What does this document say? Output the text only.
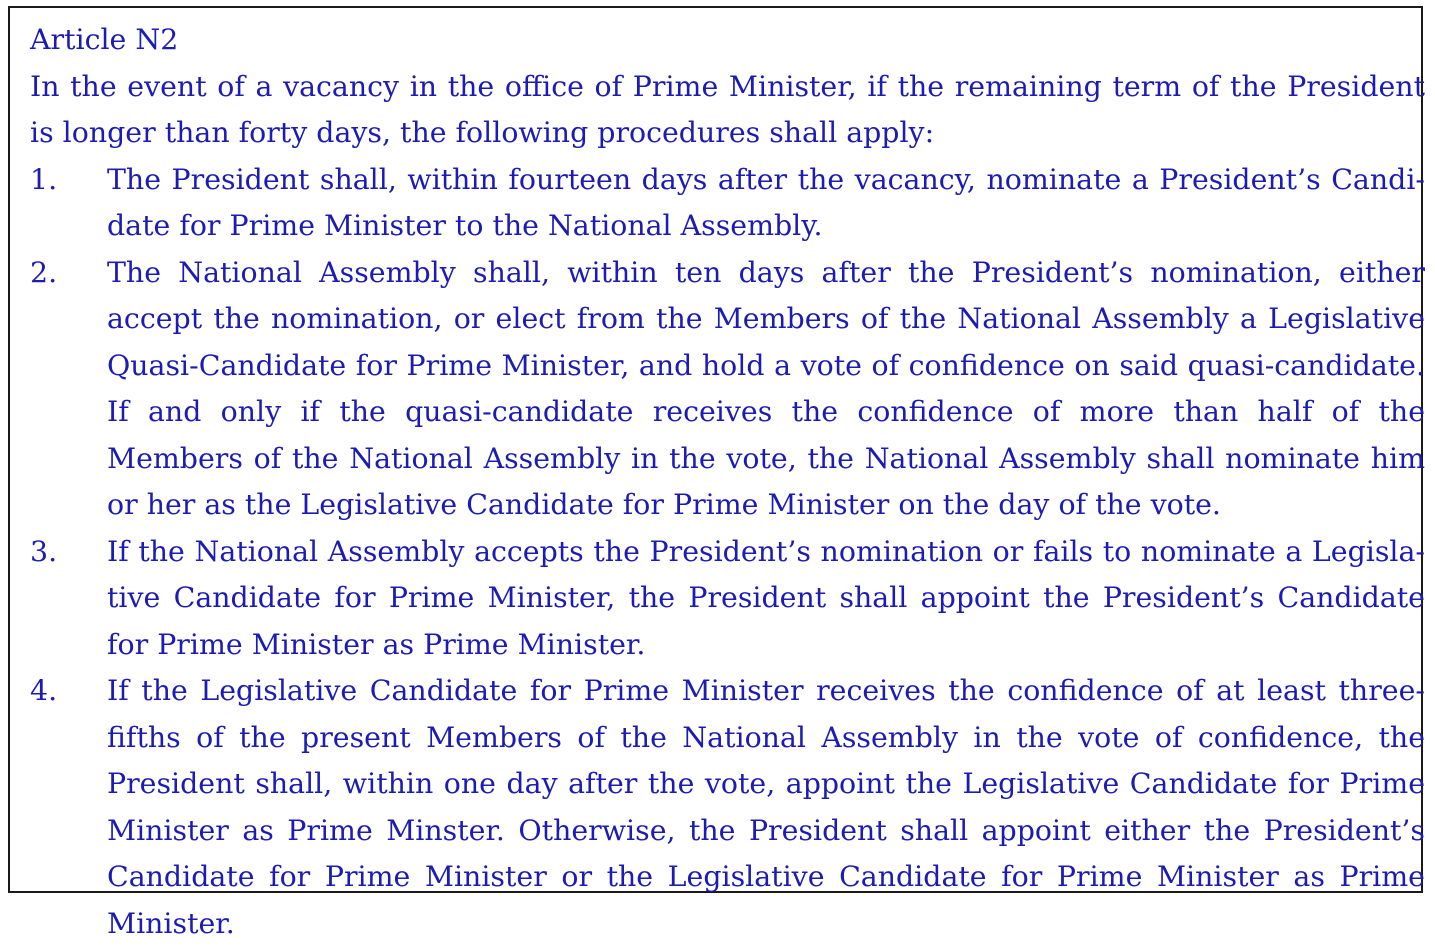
Article N2

In the event of a vacancy in the office of Prime Minister, if the remaining term of the President is longer than forty days, the following procedures shall apply:

1. The President shall, within fourteen days after the vacancy, nominate a President’s Candidate for Prime Minister to the National Assembly.
2. The National Assembly shall, within ten days after the President’s nomination, either accept the nomination, or elect from the Members of the National Assembly a Legislative Quasi-Candidate for Prime Minister, and hold a vote of confidence on said quasi-candidate. If and only if the quasi-candidate receives the confidence of more than half of the Members of the National Assembly in the vote, the National Assembly shall nominate him or her as the Legislative Candidate for Prime Minister on the day of the vote.
3. If the National Assembly accepts the President’s nomination or fails to nominate a Legislative Candidate for Prime Minister, the President shall appoint the President’s Candidate for Prime Minister as Prime Minister.
4. If the Legislative Candidate for Prime Minister receives the confidence of at least three-fifths of the present Members of the National Assembly in the vote of confidence, the President shall, within one day after the vote, appoint the Legislative Candidate for Prime Minister as Prime Minster. Otherwise, the President shall appoint either the President’s Candidate for Prime Minister or the Legislative Candidate for Prime Minister as Prime Minister.
